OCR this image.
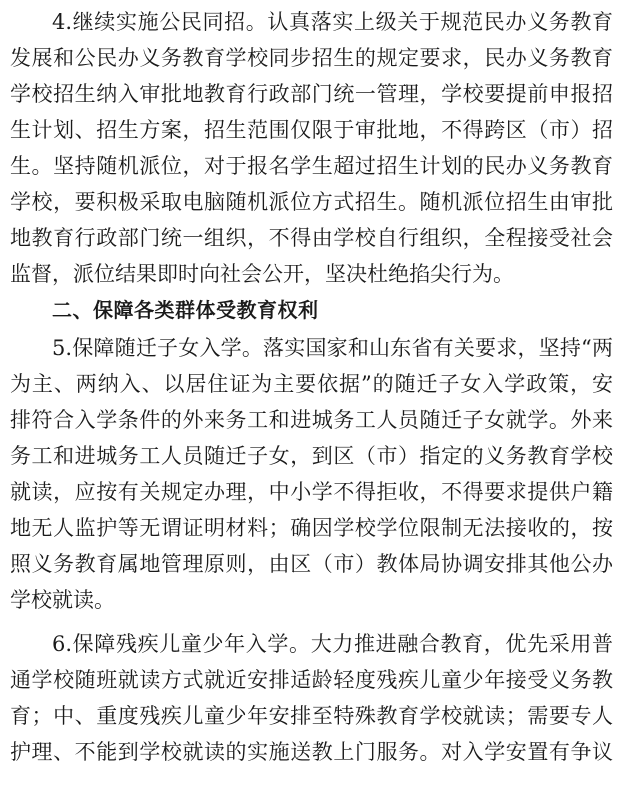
4.继续实施公民同招。认真落实上级关于规范民办义务教育
发展和公民办义务教育学校同步招生的规定要求，民办义务教育
学校招生纳入审批地教育行政部门统一管理，学校要提前申报招
生计划、招生方案，招生范围仅限于审批地，不得跨区（市）招
生。坚持随机派位，对于报名学生超过招生计划的民办义务教育
学校，要积极采取电脑随机派位方式招生。随机派位招生由审批
地教育行政部门统一组织，不得由学校自行组织，全程接受社会
监督，派位结果即时向社会公开，坚决杜绝掐尖行为。
二、保障各类群体受教育权利
5.保障随迁子女入学。落实国家和山东省有关要求，坚持“两
为主、两纳入、以居住证为主要依据”的随迁子女入学政策，安
排符合入学条件的外来务工和进城务工人员随迁子女就学。外来
务工和进城务工人员随迁子女，到区（市）指定的义务教育学校
就读，应按有关规定办理，中小学不得拒收，不得要求提供户籍
地无人监护等无谓证明材料；确因学校学位限制无法接收的，按
照义务教育属地管理原则，由区（市）教体局协调安排其他公办
学校就读。
6.保障残疾儿童少年入学。大力推进融合教育，优先采用普
通学校随班就读方式就近安排适龄轻度残疾儿童少年接受义务教
育；中、重度残疾儿童少年安排至特殊教育学校就读；需要专人
护理、不能到学校就读的实施送教上门服务。对入学安置有争议
